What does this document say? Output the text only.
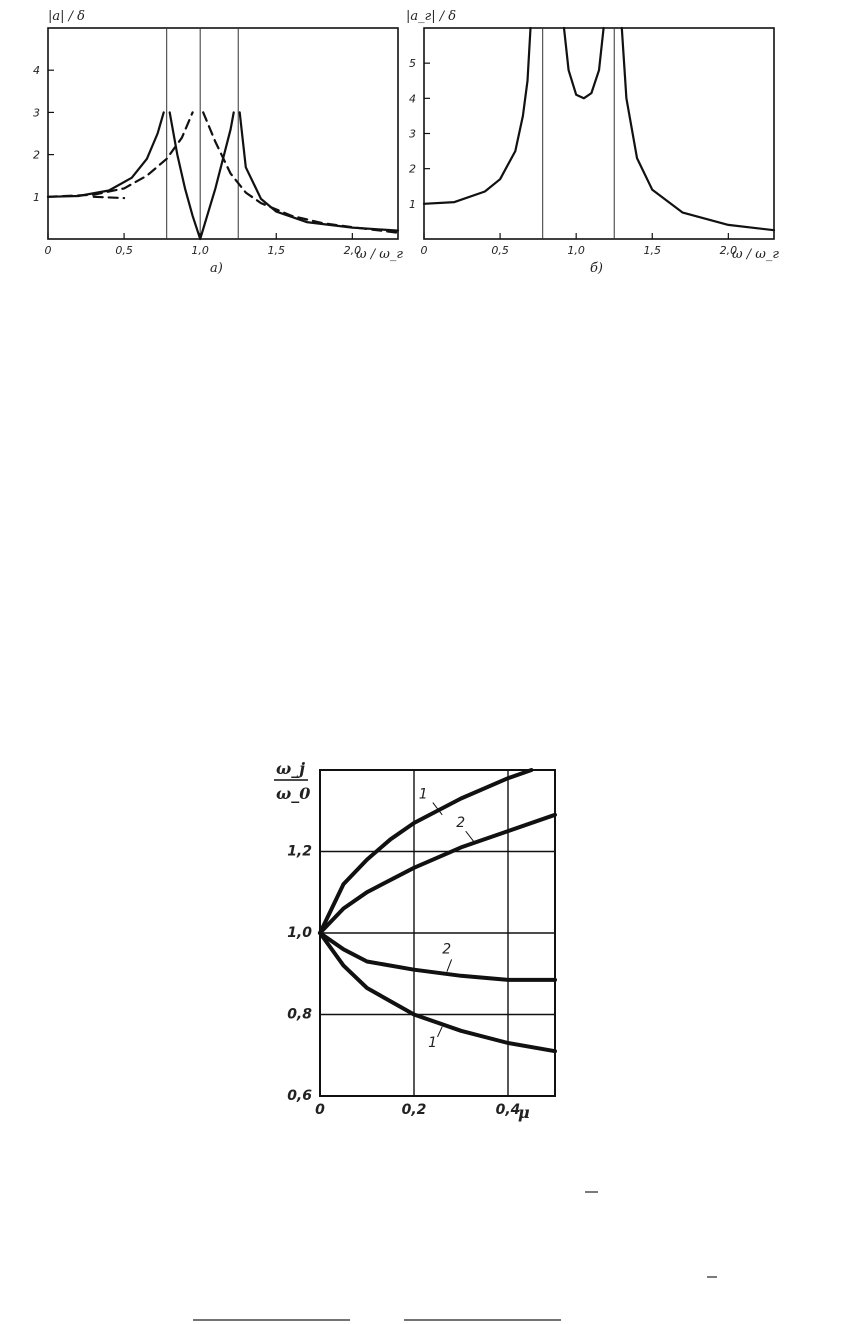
1
2
3
4
0	0,5	1,0	1,5	2,0
|a| / δ
ω / ω_г
a)
1
2
3
4
5
0	0,5	1,0	1,5	2,0
|a_г| / δ
ω / ω_г
б)
0,6
0,8
1,0
1,2
0	0,2	0,4
1
2
2
1
ω_j
ω_0
μ
